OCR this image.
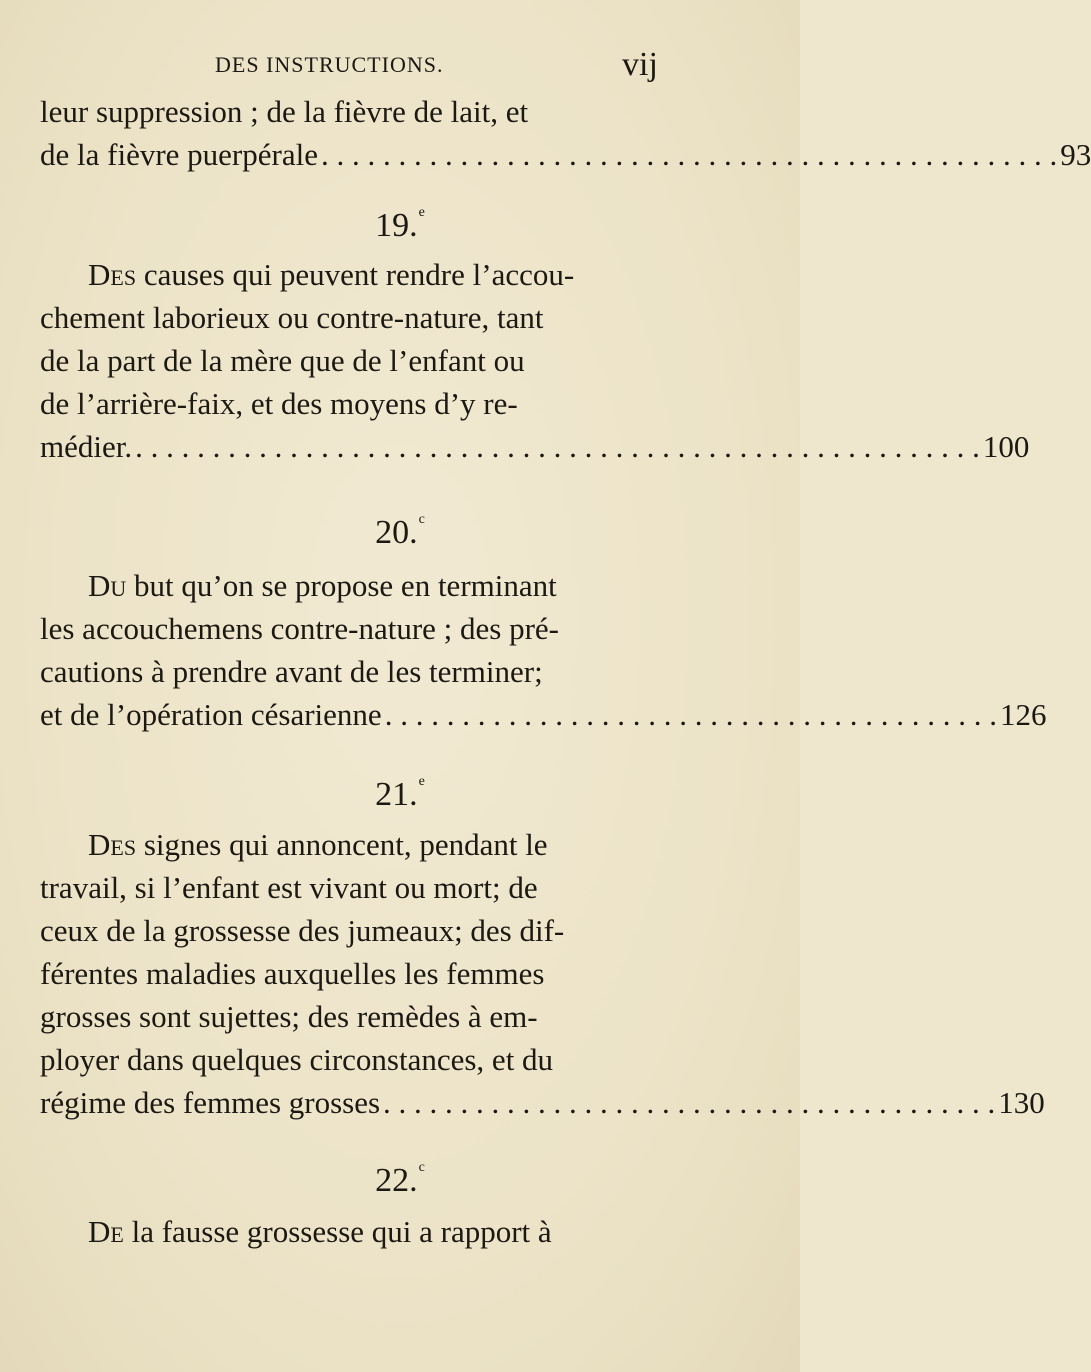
DES INSTRUCTIONS.	vij
leur suppression ; de la fièvre de lait, et
de la fièvre puerpérale . . . . . . . . . . . . . . . . . . . . . . . . . . . . . . . . . . . . . . . . . . . . . . . . 93
19.$^e$
Des causes qui peuvent rendre l’accou-
chement laborieux ou contre-nature, tant
de la part de la mère que de l’enfant ou
de l’arrière-faix, et des moyens d’y re-
médier. . . . . . . . . . . . . . . . . . . . . . . . . . . . . . . . . . . . . . . . . . . . . . . . . . . . . . . . 100
20.$^c$
Du but qu’on se propose en terminant
les accouchemens contre-nature ; des pré-
cautions à prendre avant de les terminer;
et de l’opération césarienne . . . . . . . . . . . . . . . . . . . . . . . . . . . . . . . . . . . . . . . . 126
21.$^e$
Des signes qui annoncent, pendant le
travail, si l’enfant est vivant ou mort; de
ceux de la grossesse des jumeaux; des dif-
férentes maladies auxquelles les femmes
grosses sont sujettes; des remèdes à em-
ployer dans quelques circonstances, et du
régime des femmes grosses . . . . . . . . . . . . . . . . . . . . . . . . . . . . . . . . . . . . . . . . 130
22.$^c$
De la fausse grossesse qui a rapport à
